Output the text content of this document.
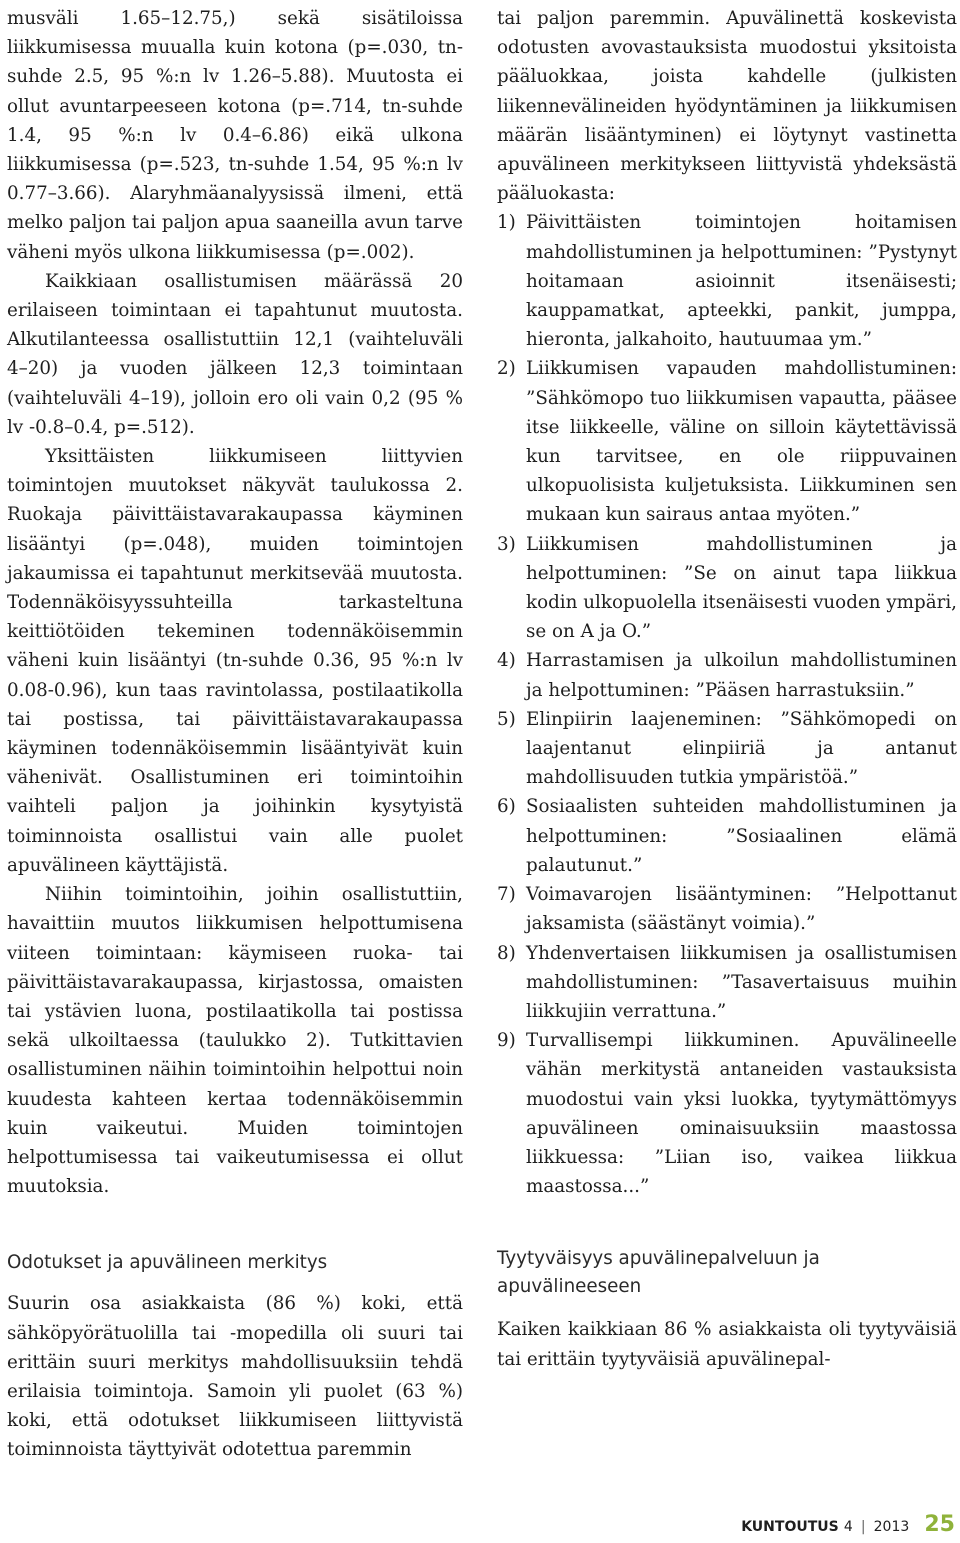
musväli 1.65–12.75,) sekä sisätiloissa liikkumisessa muualla kuin kotona (p=.030, tn-suhde 2.5, 95 %:n lv 1.26–5.88). Muutosta ei ollut avuntarpeeseen kotona (p=.714, tn-suhde 1.4, 95 %:n lv 0.4–6.86) eikä ulkona liikkumisessa (p=.523, tn-suhde 1.54, 95 %:n lv 0.77–3.66). Alaryhmäanalyysissä ilmeni, että melko paljon tai paljon apua saaneilla avun tarve väheni myös ulkona liikkumisessa (p=.002).

Kaikkiaan osallistumisen määrässä 20 erilaiseen toimintaan ei tapahtunut muutosta. Alkutilanteessa osallistuttiin 12,1 (vaihteluväli 4–20) ja vuoden jälkeen 12,3 toimintaan (vaihteluväli 4–19), jolloin ero oli vain 0,2 (95 % lv -0.8–0.4, p=.512).

Yksittäisten liikkumiseen liittyvien toimintojen muutokset näkyvät taulukossa 2. Ruokaja päivittäistavarakaupassa käyminen lisääntyi (p=.048), muiden toimintojen jakaumissa ei tapahtunut merkitsevää muutosta. Todennäköisyyssuhteilla tarkasteltuna keittiötöiden tekeminen todennäköisemmin väheni kuin lisääntyi (tn-suhde 0.36, 95 %:n lv 0.08-0.96), kun taas ravintolassa, postilaatikolla tai postissa, tai päivittäistavarakaupassa käyminen todennäköisemmin lisääntyivät kuin vähenivät. Osallistuminen eri toimintoihin vaihteli paljon ja joihinkin kysytyistä toiminnoista osallistui vain alle puolet apuvälineen käyttäjistä.

Niihin toimintoihin, joihin osallistuttiin, havaittiin muutos liikkumisen helpottumisena viiteen toimintaan: käymiseen ruoka- tai päivittäistavarakaupassa, kirjastossa, omaisten tai ystävien luona, postilaatikolla tai postissa sekä ulkoiltaessa (taulukko 2). Tutkittavien osallistuminen näihin toimintoihin helpottui noin kuudesta kahteen kertaa todennäköisemmin kuin vaikeutui. Muiden toimintojen helpottumisessa tai vaikeutumisessa ei ollut muutoksia.

Odotukset ja apuvälineen merkitys

Suurin osa asiakkaista (86 %) koki, että sähköpyörätuolilla tai -mopedilla oli suuri tai erittäin suuri merkitys mahdollisuuksiin tehdä erilaisia toimintoja. Samoin yli puolet (63 %) koki, että odotukset liikkumiseen liittyvistä toiminnoista täyttyivät odotettua paremmin

tai paljon paremmin. Apuvälinettä koskevista odotusten avovastauksista muodostui yksitoista pääluokkaa, joista kahdelle (julkisten liikennevälineiden hyödyntäminen ja liikkumisen määrän lisääntyminen) ei löytynyt vastinetta apuvälineen merkitykseen liittyvistä yhdeksästä pääluokasta:

1) Päivittäisten toimintojen hoitamisen mahdollistuminen ja helpottuminen: ”Pystynyt hoitamaan asioinnit itsenäisesti; kauppamatkat, apteekki, pankit, jumppa, hieronta, jalkahoito, hautuumaa ym.”
2) Liikkumisen vapauden mahdollistuminen: ”Sähkömopo tuo liikkumisen vapautta, pääsee itse liikkeelle, väline on silloin käytettävissä kun tarvitsee, en ole riippuvainen ulkopuolisista kuljetuksista. Liikkuminen sen mukaan kun sairaus antaa myöten.”
3) Liikkumisen mahdollistuminen ja helpottuminen: ”Se on ainut tapa liikkua kodin ulkopuolella itsenäisesti vuoden ympäri, se on A ja O.”
4) Harrastamisen ja ulkoilun mahdollistuminen ja helpottuminen: ”Pääsen harrastuksiin.”
5) Elinpiirin laajeneminen: ”Sähkömopedi on laajentanut elinpiiriä ja antanut mahdollisuuden tutkia ympäristöä.”
6) Sosiaalisten suhteiden mahdollistuminen ja helpottuminen: ”Sosiaalinen elämä palautunut.”
7) Voimavarojen lisääntyminen: ”Helpottanut jaksamista (säästänyt voimia).”
8) Yhdenvertaisen liikkumisen ja osallistumisen mahdollistuminen: ”Tasavertaisuus muihin liikkujiin verrattuna.”
9) Turvallisempi liikkuminen. Apuvälineelle vähän merkitystä antaneiden vastauksista muodostui vain yksi luokka, tyytymättömyys apuvälineen ominaisuuksiin maastossa liikkuessa: ”Liian iso, vaikea liikkua maastossa...”
Tyytyväisyys apuvälinepalveluun ja apuvälineeseen

Kaiken kaikkiaan 86 % asiakkaista oli tyytyväisiä tai erittäin tyytyväisiä apuvälinepal-

KUNTOUTUS 4 | 2013 25
